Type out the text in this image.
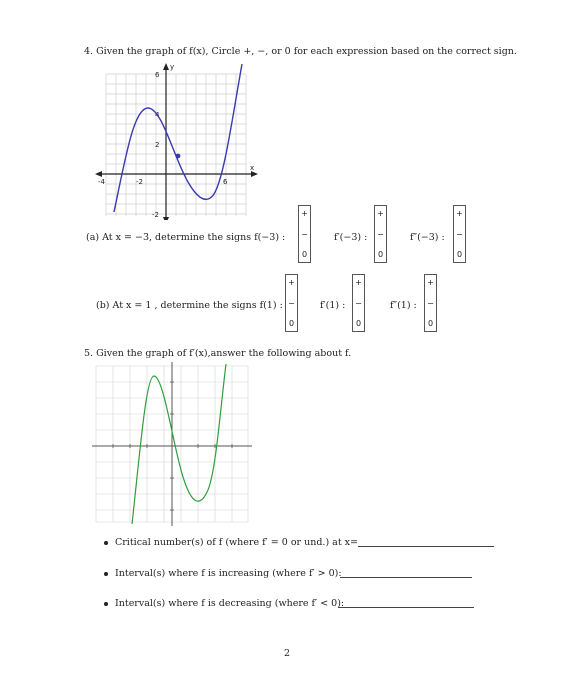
4. Given the graph of f(x), Circle +, −, or 0 for each expression based on the correct sign.
y
x
-4	-2	6
6
4
2
-2
(a) At x = −3, determine the signs f(−3) :
+
−
0
f′(−3) :
+
−
0
f″(−3) :
+
−
0
(b) At x = 1 , determine the signs f(1) :
+
−
0
f′(1) :
+
−
0
f″(1) :
+
−
0
5. Given the graph of f′(x),answer the following about f.
Critical number(s) of f (where f′ = 0 or und.) at x=
Interval(s) where f is increasing (where f′ > 0):
Interval(s) where f is decreasing (where f′ < 0):
2
